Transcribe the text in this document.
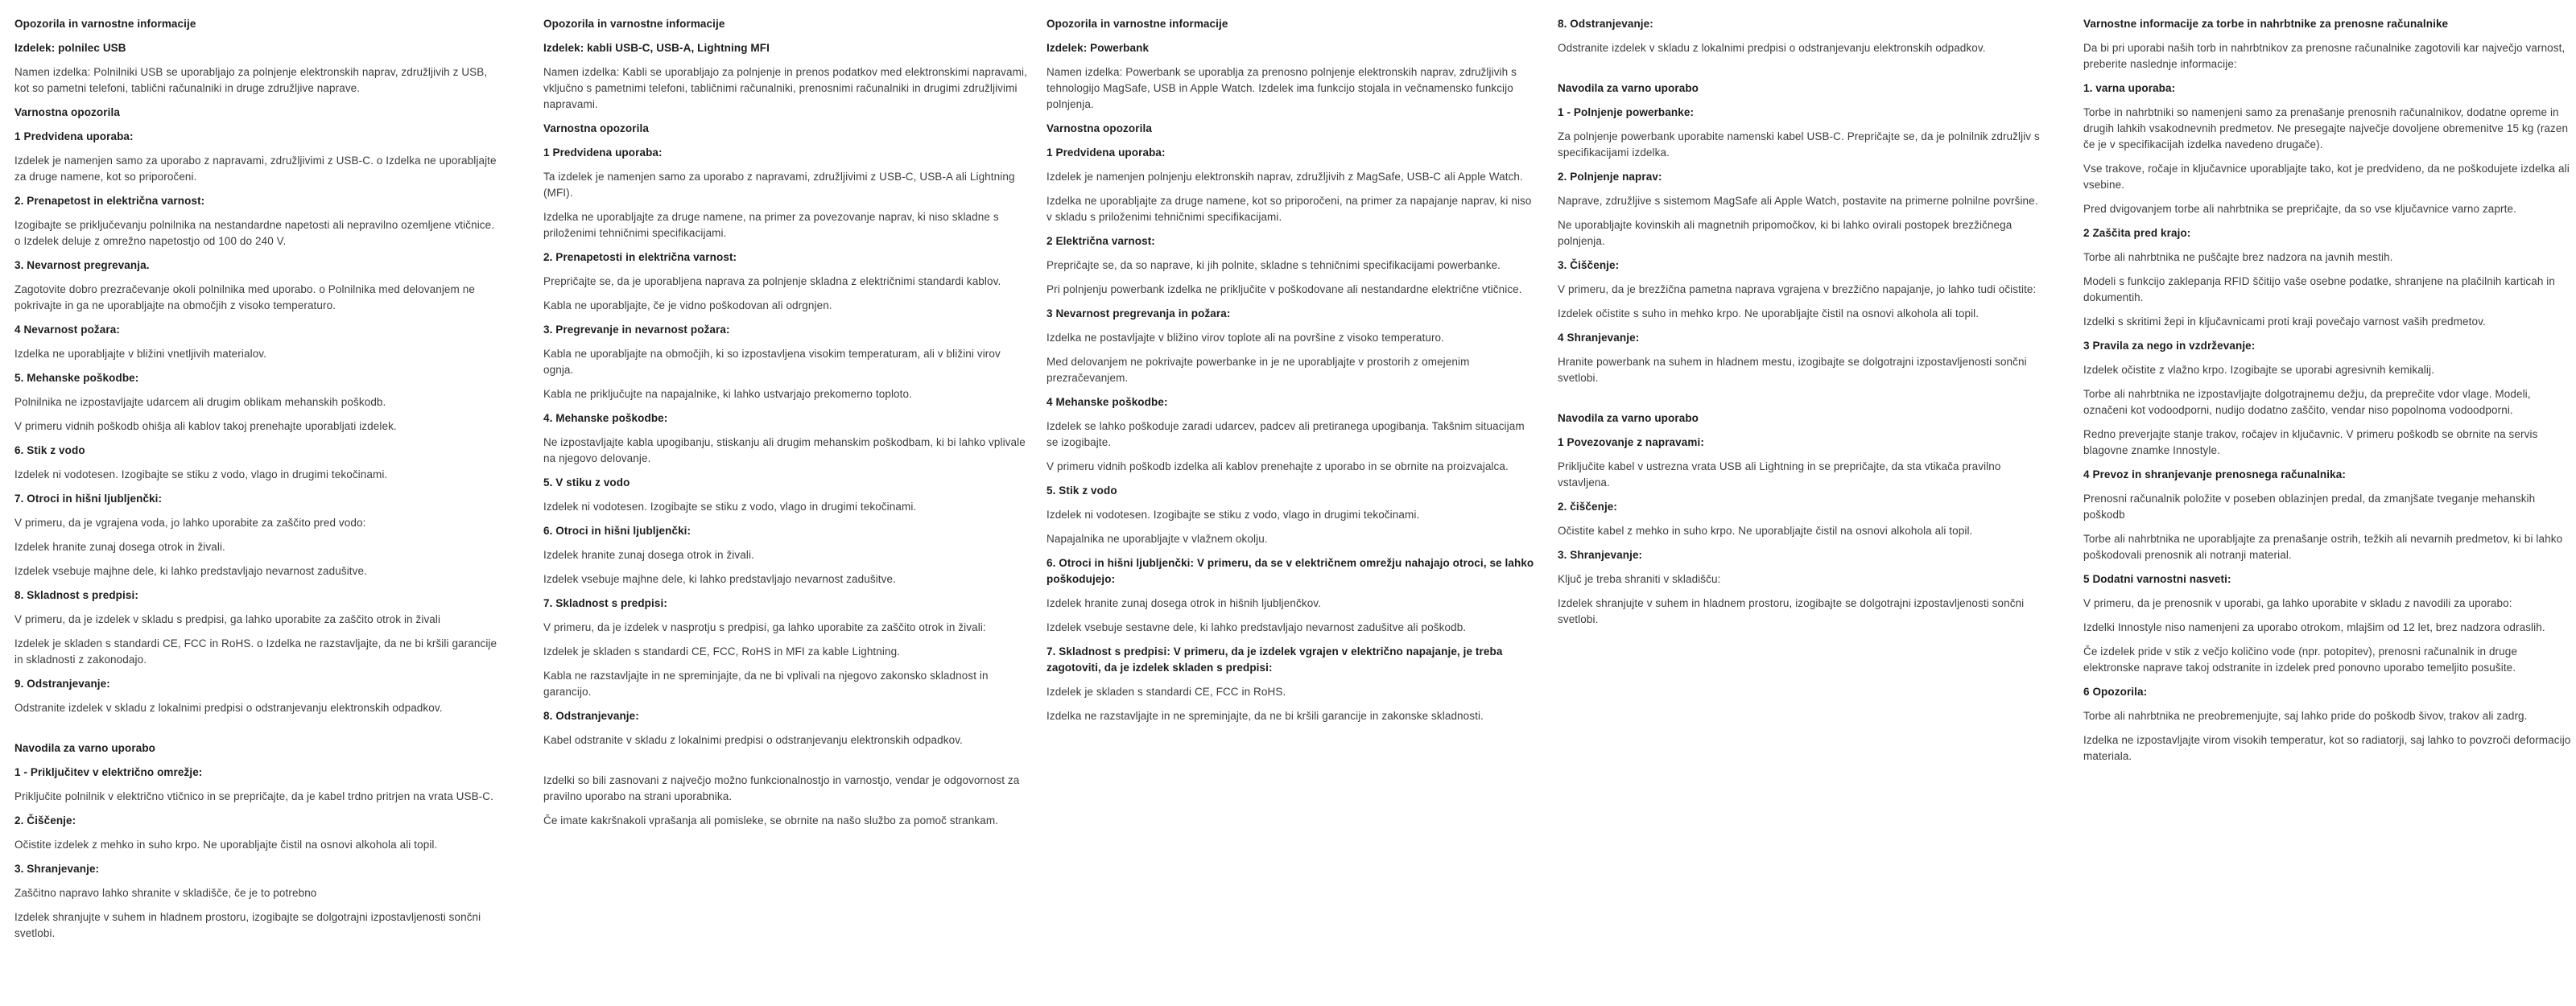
Opozorila in varnostne informacije

Izdelek: polnilec USB

Namen izdelka: Polnilniki USB se uporabljajo za polnjenje elektronskih naprav, združljivih z USB, kot so pametni telefoni, tablični računalniki in druge združljive naprave.

Varnostna opozorila

1 Predvidena uporaba:

Izdelek je namenjen samo za uporabo z napravami, združljivimi z USB-C. o Izdelka ne uporabljajte za druge namene, kot so priporočeni.

2. Prenapetost in električna varnost:

Izogibajte se priključevanju polnilnika na nestandardne napetosti ali nepravilno ozemljene vtičnice. o Izdelek deluje z omrežno napetostjo od 100 do 240 V.

3. Nevarnost pregrevanja.

Zagotovite dobro prezračevanje okoli polnilnika med uporabo. o Polnilnika med delovanjem ne pokrivajte in ga ne uporabljajte na območjih z visoko temperaturo.

4 Nevarnost požara:

Izdelka ne uporabljajte v bližini vnetljivih materialov.

5. Mehanske poškodbe:

Polnilnika ne izpostavljajte udarcem ali drugim oblikam mehanskih poškodb.

V primeru vidnih poškodb ohišja ali kablov takoj prenehajte uporabljati izdelek.

6. Stik z vodo

Izdelek ni vodotesen. Izogibajte se stiku z vodo, vlago in drugimi tekočinami.

7. Otroci in hišni ljubljenčki:

V primeru, da je vgrajena voda, jo lahko uporabite za zaščito pred vodo:

Izdelek hranite zunaj dosega otrok in živali.

Izdelek vsebuje majhne dele, ki lahko predstavljajo nevarnost zadušitve.

8. Skladnost s predpisi:

V primeru, da je izdelek v skladu s predpisi, ga lahko uporabite za zaščito otrok in živali

Izdelek je skladen s standardi CE, FCC in RoHS. o Izdelka ne razstavljajte, da ne bi kršili garancije in skladnosti z zakonodajo.

9. Odstranjevanje:

Odstranite izdelek v skladu z lokalnimi predpisi o odstranjevanju elektronskih odpadkov.

Navodila za varno uporabo

1 - Priključitev v električno omrežje:

Priključite polnilnik v električno vtičnico in se prepričajte, da je kabel trdno pritrjen na vrata USB-C.

2. Čiščenje:

Očistite izdelek z mehko in suho krpo. Ne uporabljajte čistil na osnovi alkohola ali topil.

3. Shranjevanje:

Zaščitno napravo lahko shranite v skladišče, če je to potrebno

Izdelek shranjujte v suhem in hladnem prostoru, izogibajte se dolgotrajni izpostavljenosti sončni svetlobi.

Opozorila in varnostne informacije

Izdelek: kabli USB-C, USB-A, Lightning MFI

Namen izdelka: Kabli se uporabljajo za polnjenje in prenos podatkov med elektronskimi napravami, vključno s pametnimi telefoni, tabličnimi računalniki, prenosnimi računalniki in drugimi združljivimi napravami.

Varnostna opozorila

1 Predvidena uporaba:

Ta izdelek je namenjen samo za uporabo z napravami, združljivimi z USB-C, USB-A ali Lightning (MFI).

Izdelka ne uporabljajte za druge namene, na primer za povezovanje naprav, ki niso skladne s priloženimi tehničnimi specifikacijami.

2. Prenapetosti in električna varnost:

Prepričajte se, da je uporabljena naprava za polnjenje skladna z električnimi standardi kablov.

Kabla ne uporabljajte, če je vidno poškodovan ali odrgnjen.

3. Pregrevanje in nevarnost požara:

Kabla ne uporabljajte na območjih, ki so izpostavljena visokim temperaturam, ali v bližini virov ognja.

Kabla ne priključujte na napajalnike, ki lahko ustvarjajo prekomerno toploto.

4. Mehanske poškodbe:

Ne izpostavljajte kabla upogibanju, stiskanju ali drugim mehanskim poškodbam, ki bi lahko vplivale na njegovo delovanje.

5. V stiku z vodo

Izdelek ni vodotesen. Izogibajte se stiku z vodo, vlago in drugimi tekočinami.

6. Otroci in hišni ljubljenčki:

Izdelek hranite zunaj dosega otrok in živali.

Izdelek vsebuje majhne dele, ki lahko predstavljajo nevarnost zadušitve.

7. Skladnost s predpisi:

V primeru, da je izdelek v nasprotju s predpisi, ga lahko uporabite za zaščito otrok in živali:

Izdelek je skladen s standardi CE, FCC, RoHS in MFI za kable Lightning.

Kabla ne razstavljajte in ne spreminjajte, da ne bi vplivali na njegovo zakonsko skladnost in garancijo.

8. Odstranjevanje:

Kabel odstranite v skladu z lokalnimi predpisi o odstranjevanju elektronskih odpadkov.

Izdelki so bili zasnovani z največjo možno funkcionalnostjo in varnostjo, vendar je odgovornost za pravilno uporabo na strani uporabnika.

Če imate kakršnakoli vprašanja ali pomisleke, se obrnite na našo službo za pomoč strankam.

Opozorila in varnostne informacije

Izdelek: Powerbank

Namen izdelka: Powerbank se uporablja za prenosno polnjenje elektronskih naprav, združljivih s tehnologijo MagSafe, USB in Apple Watch. Izdelek ima funkcijo stojala in večnamensko funkcijo polnjenja.

Varnostna opozorila

1 Predvidena uporaba:

Izdelek je namenjen polnjenju elektronskih naprav, združljivih z MagSafe, USB-C ali Apple Watch.

Izdelka ne uporabljajte za druge namene, kot so priporočeni, na primer za napajanje naprav, ki niso v skladu s priloženimi tehničnimi specifikacijami.

2 Električna varnost:

Prepričajte se, da so naprave, ki jih polnite, skladne s tehničnimi specifikacijami powerbanke.

Pri polnjenju powerbank izdelka ne priključite v poškodovane ali nestandardne električne vtičnice.

3 Nevarnost pregrevanja in požara:

Izdelka ne postavljajte v bližino virov toplote ali na površine z visoko temperaturo.

Med delovanjem ne pokrivajte powerbanke in je ne uporabljajte v prostorih z omejenim prezračevanjem.

4 Mehanske poškodbe:

Izdelek se lahko poškoduje zaradi udarcev, padcev ali pretiranega upogibanja. Takšnim situacijam se izogibajte.

V primeru vidnih poškodb izdelka ali kablov prenehajte z uporabo in se obrnite na proizvajalca.

5. Stik z vodo

Izdelek ni vodotesen. Izogibajte se stiku z vodo, vlago in drugimi tekočinami.

Napajalnika ne uporabljajte v vlažnem okolju.

6. Otroci in hišni ljubljenčki: V primeru, da se v električnem omrežju nahajajo otroci, se lahko poškodujejo:

Izdelek hranite zunaj dosega otrok in hišnih ljubljenčkov.

Izdelek vsebuje sestavne dele, ki lahko predstavljajo nevarnost zadušitve ali poškodb.

7. Skladnost s predpisi: V primeru, da je izdelek vgrajen v električno napajanje, je treba zagotoviti, da je izdelek skladen s predpisi:

Izdelek je skladen s standardi CE, FCC in RoHS.

Izdelka ne razstavljajte in ne spreminjajte, da ne bi kršili garancije in zakonske skladnosti.

8. Odstranjevanje:

Odstranite izdelek v skladu z lokalnimi predpisi o odstranjevanju elektronskih odpadkov.

Navodila za varno uporabo

1 - Polnjenje powerbanke:

Za polnjenje powerbank uporabite namenski kabel USB-C. Prepričajte se, da je polnilnik združljiv s specifikacijami izdelka.

2. Polnjenje naprav:

Naprave, združljive s sistemom MagSafe ali Apple Watch, postavite na primerne polnilne površine.

Ne uporabljajte kovinskih ali magnetnih pripomočkov, ki bi lahko ovirali postopek brezžičnega polnjenja.

3. Čiščenje:

V primeru, da je brezžična pametna naprava vgrajena v brezžično napajanje, jo lahko tudi očistite:

Izdelek očistite s suho in mehko krpo. Ne uporabljajte čistil na osnovi alkohola ali topil.

4 Shranjevanje:

Hranite powerbank na suhem in hladnem mestu, izogibajte se dolgotrajni izpostavljenosti sončni svetlobi.

Navodila za varno uporabo

1 Povezovanje z napravami:

Priključite kabel v ustrezna vrata USB ali Lightning in se prepričajte, da sta vtikača pravilno vstavljena.

2. čiščenje:

Očistite kabel z mehko in suho krpo. Ne uporabljajte čistil na osnovi alkohola ali topil.

3. Shranjevanje:

Ključ je treba shraniti v skladišču:

Izdelek shranjujte v suhem in hladnem prostoru, izogibajte se dolgotrajni izpostavljenosti sončni svetlobi.

Varnostne informacije za torbe in nahrbtnike za prenosne računalnike

Da bi pri uporabi naših torb in nahrbtnikov za prenosne računalnike zagotovili kar največjo varnost, preberite naslednje informacije:

1. varna uporaba:

Torbe in nahrbtniki so namenjeni samo za prenašanje prenosnih računalnikov, dodatne opreme in drugih lahkih vsakodnevnih predmetov. Ne presegajte največje dovoljene obremenitve 15 kg (razen če je v specifikacijah izdelka navedeno drugače).

Vse trakove, ročaje in ključavnice uporabljajte tako, kot je predvideno, da ne poškodujete izdelka ali vsebine.

Pred dvigovanjem torbe ali nahrbtnika se prepričajte, da so vse ključavnice varno zaprte.

2 Zaščita pred krajo:

Torbe ali nahrbtnika ne puščajte brez nadzora na javnih mestih.

Modeli s funkcijo zaklepanja RFID ščitijo vaše osebne podatke, shranjene na plačilnih karticah in dokumentih.

Izdelki s skritimi žepi in ključavnicami proti kraji povečajo varnost vaših predmetov.

3 Pravila za nego in vzdrževanje:

Izdelek očistite z vlažno krpo. Izogibajte se uporabi agresivnih kemikalij.

Torbe ali nahrbtnika ne izpostavljajte dolgotrajnemu dežju, da preprečite vdor vlage. Modeli, označeni kot vodoodporni, nudijo dodatno zaščito, vendar niso popolnoma vodoodporni.

Redno preverjajte stanje trakov, ročajev in ključavnic. V primeru poškodb se obrnite na servis blagovne znamke Innostyle.

4 Prevoz in shranjevanje prenosnega računalnika:

Prenosni računalnik položite v poseben oblazinjen predal, da zmanjšate tveganje mehanskih poškodb

Torbe ali nahrbtnika ne uporabljajte za prenašanje ostrih, težkih ali nevarnih predmetov, ki bi lahko poškodovali prenosnik ali notranji material.

5 Dodatni varnostni nasveti:

V primeru, da je prenosnik v uporabi, ga lahko uporabite v skladu z navodili za uporabo:

Izdelki Innostyle niso namenjeni za uporabo otrokom, mlajšim od 12 let, brez nadzora odraslih.

Če izdelek pride v stik z večjo količino vode (npr. potopitev), prenosni računalnik in druge elektronske naprave takoj odstranite in izdelek pred ponovno uporabo temeljito posušite.

6 Opozorila:

Torbe ali nahrbtnika ne preobremenjujte, saj lahko pride do poškodb šivov, trakov ali zadrg.

Izdelka ne izpostavljajte virom visokih temperatur, kot so radiatorji, saj lahko to povzroči deformacijo materiala.
